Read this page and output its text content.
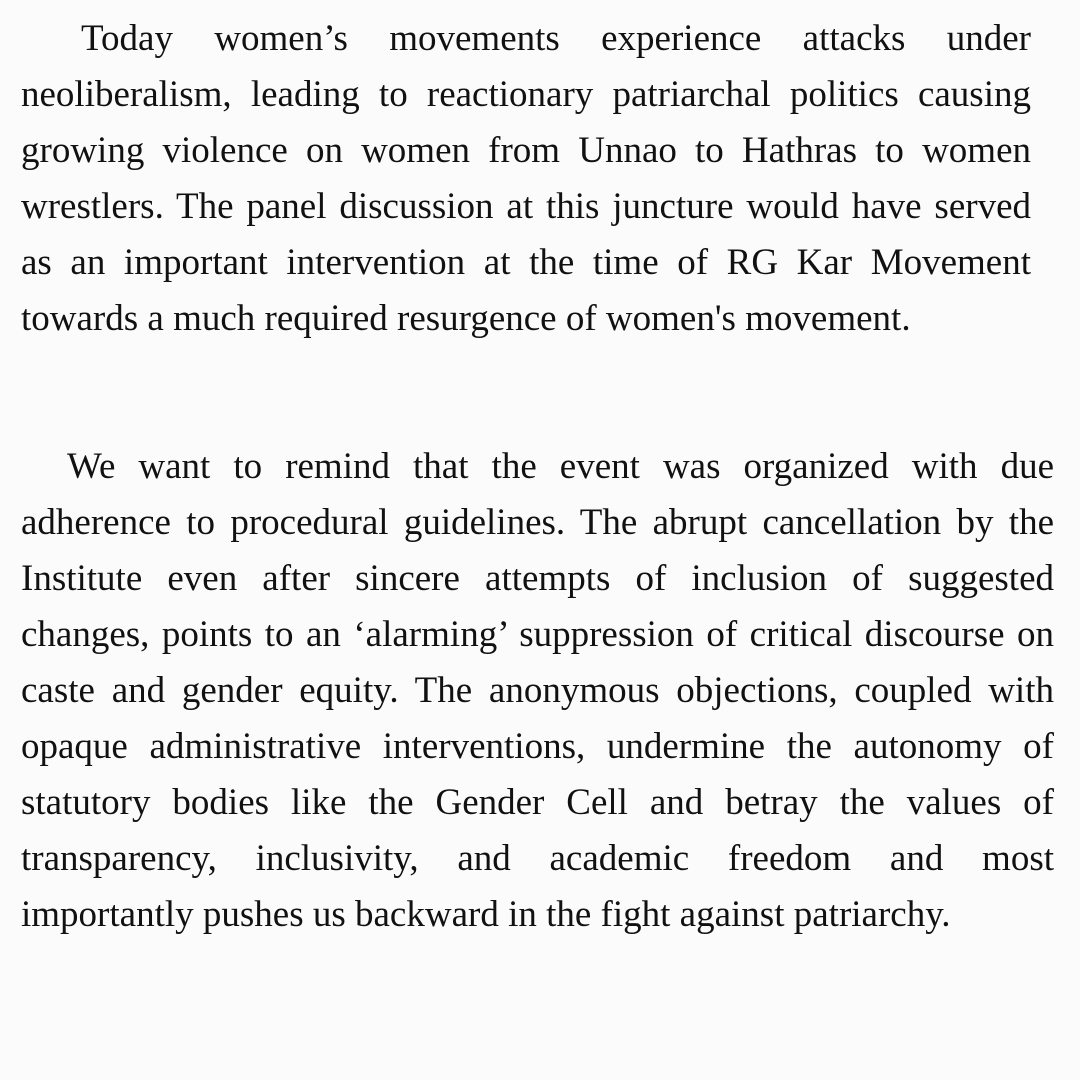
Today women’s movements experience attacks under neoliberalism, leading to reactionary patriarchal politics causing growing violence on women from Unnao to Hathras to women wrestlers. The panel discussion at this juncture would have served as an important intervention at the time of RG Kar Movement towards a much required resurgence of women's movement.

We want to remind that the event was organized with due adherence to procedural guidelines. The abrupt cancellation by the Institute even after sincere attempts of inclusion of suggested changes, points to an ‘alarming’ suppression of critical discourse on caste and gender equity. The anonymous objections, coupled with opaque administrative interventions, undermine the autonomy of statutory bodies like the Gender Cell and betray the values of transparency, inclusivity, and academic freedom and most importantly pushes us backward in the fight against patriarchy.
